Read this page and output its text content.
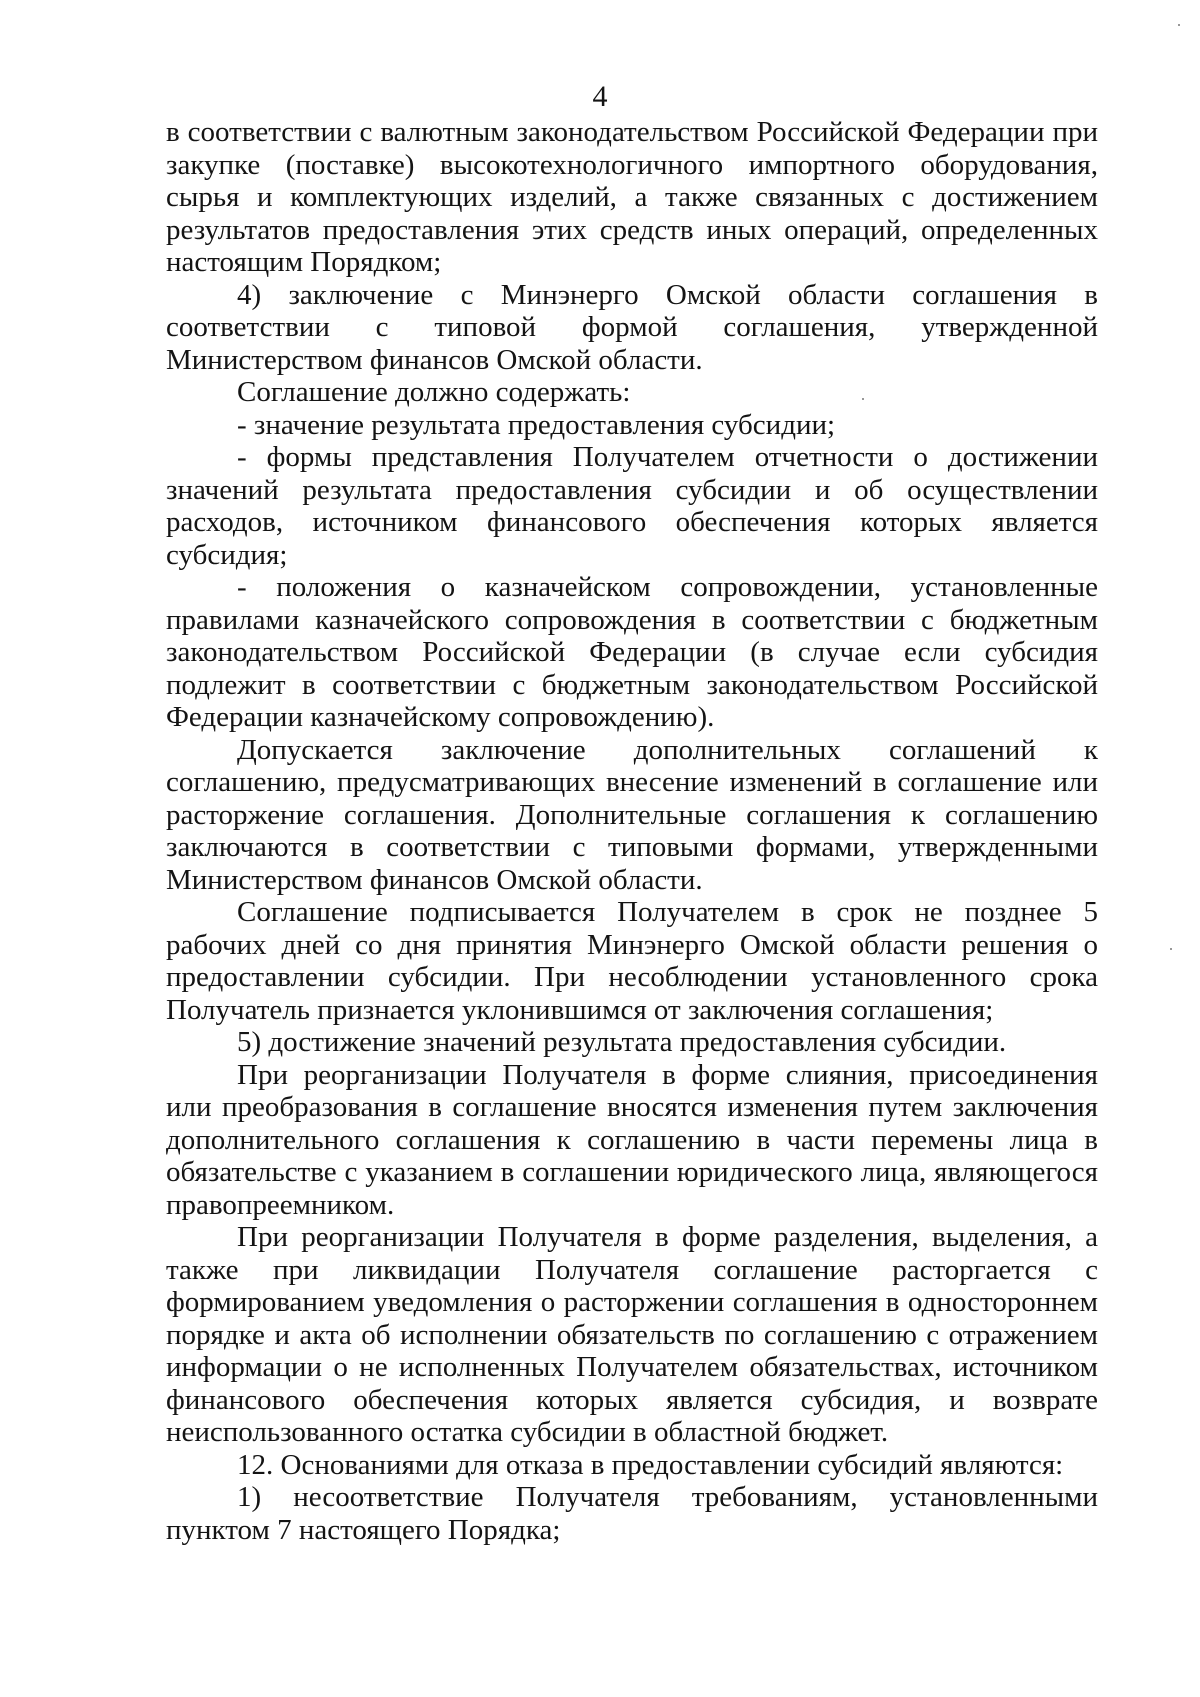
4

в соответствии с валютным законодательством Российской Федерации при закупке (поставке) высокотехнологичного импортного оборудования, сырья и комплектующих изделий, а также связанных с достижением результатов предоставления этих средств иных операций, определенных настоящим Порядком;

4) заключение с Минэнерго Омской области соглашения в соответствии с типовой формой соглашения, утвержденной Министерством финансов Омской области.

Соглашение должно содержать:

- значение результата предоставления субсидии;

- формы представления Получателем отчетности о достижении значений результата предоставления субсидии и об осуществлении расходов, источником финансового обеспечения которых является субсидия;

- положения о казначейском сопровождении, установленные правилами казначейского сопровождения в соответствии с бюджетным законодательством Российской Федерации (в случае если субсидия подлежит в соответствии с бюджетным законодательством Российской Федерации казначейскому сопровождению).

Допускается заключение дополнительных соглашений к соглашению, предусматривающих внесение изменений в соглашение или расторжение соглашения. Дополнительные соглашения к соглашению заключаются в соответствии с типовыми формами, утвержденными Министерством финансов Омской области.

Соглашение подписывается Получателем в срок не позднее 5 рабочих дней со дня принятия Минэнерго Омской области решения о предоставлении субсидии. При несоблюдении установленного срока Получатель признается уклонившимся от заключения соглашения;

5) достижение значений результата предоставления субсидии.

При реорганизации Получателя в форме слияния, присоединения или преобразования в соглашение вносятся изменения путем заключения дополнительного соглашения к соглашению в части перемены лица в обязательстве с указанием в соглашении юридического лица, являющегося правопреемником.

При реорганизации Получателя в форме разделения, выделения, а также при ликвидации Получателя соглашение расторгается с формированием уведомления о расторжении соглашения в одностороннем порядке и акта об исполнении обязательств по соглашению с отражением информации о не исполненных Получателем обязательствах, источником финансового обеспечения которых является субсидия, и возврате неиспользованного остатка субсидии в областной бюджет.

12. Основаниями для отказа в предоставлении субсидий являются:

1) несоответствие Получателя требованиям, установленными пунктом 7 настоящего Порядка;
